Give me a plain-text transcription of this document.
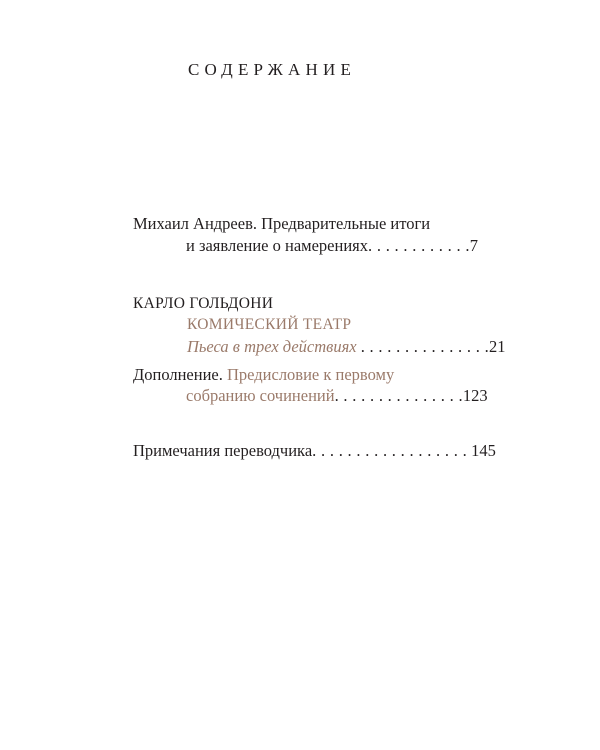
СОДЕРЖАНИЕ
Михаил Андреев. Предварительные итоги
и заявление о намерениях. . . . . . . . . . . .7
КАРЛО ГОЛЬДОНИ
КОМИЧЕСКИЙ ТЕАТР
Пьеса в трех действиях . . . . . . . . . . . . . . .21
Дополнение. Предисловие к первому
собранию сочинений. . . . . . . . . . . . . . .123
Примечания переводчика. . . . . . . . . . . . . . . . . . 145
